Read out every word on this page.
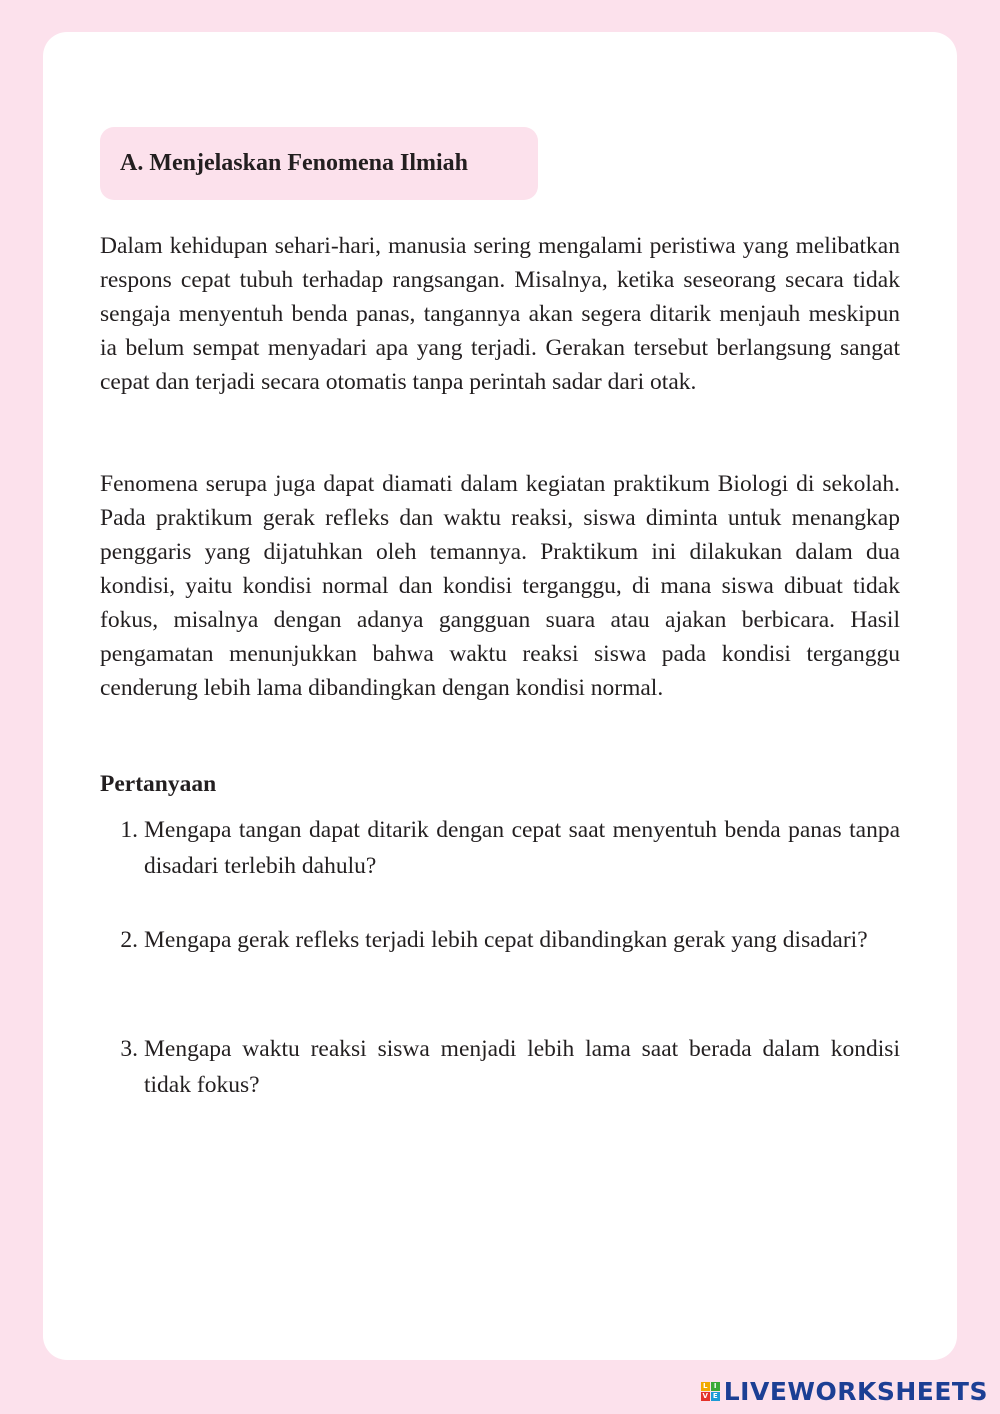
A. Menjelaskan Fenomena Ilmiah

Dalam kehidupan sehari-hari, manusia sering mengalami peristiwa yang melibatkan respons cepat tubuh terhadap rangsangan. Misalnya, ketika seseorang secara tidak sengaja menyentuh benda panas, tangannya akan segera ditarik menjauh meskipun ia belum sempat menyadari apa yang terjadi. Gerakan tersebut berlangsung sangat cepat dan terjadi secara otomatis tanpa perintah sadar dari otak.

Fenomena serupa juga dapat diamati dalam kegiatan praktikum Biologi di sekolah. Pada praktikum gerak refleks dan waktu reaksi, siswa diminta untuk menangkap penggaris yang dijatuhkan oleh temannya. Praktikum ini dilakukan dalam dua kondisi, yaitu kondisi normal dan kondisi terganggu, di mana siswa dibuat tidak fokus, misalnya dengan adanya gangguan suara atau ajakan berbicara. Hasil pengamatan menunjukkan bahwa waktu reaksi siswa pada kondisi terganggu cenderung lebih lama dibandingkan dengan kondisi normal.

Pertanyaan

1. Mengapa tangan dapat ditarik dengan cepat saat menyentuh benda panas tanpa disadari terlebih dahulu?
2. Mengapa gerak refleks terjadi lebih cepat dibandingkan gerak yang disadari?
3. Mengapa waktu reaksi siswa menjadi lebih lama saat berada dalam kondisi tidak fokus?
L I
V E LIVEWORKSHEETS
